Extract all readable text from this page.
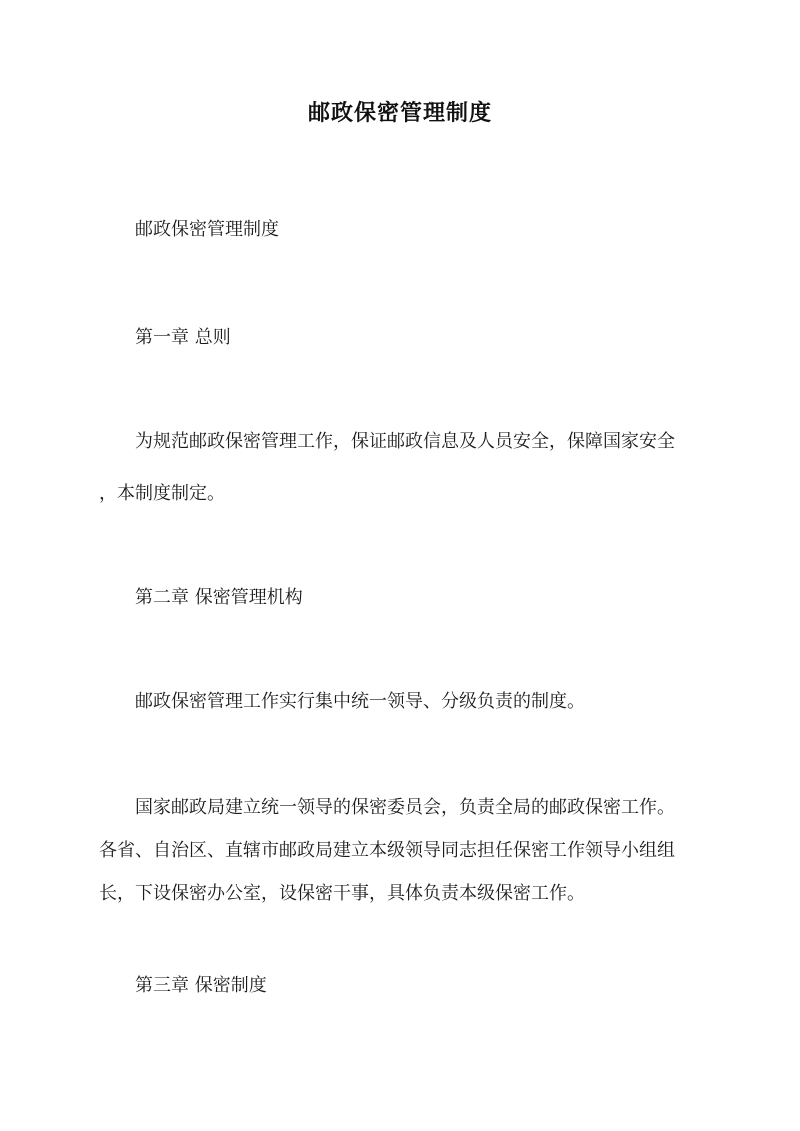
邮政保密管理制度
邮政保密管理制度
第一章 总则
为规范邮政保密管理工作，保证邮政信息及人员安全，保障国家安全
，本制度制定。
第二章 保密管理机构
邮政保密管理工作实行集中统一领导、分级负责的制度。
国家邮政局建立统一领导的保密委员会，负责全局的邮政保密工作。
各省、自治区、直辖市邮政局建立本级领导同志担任保密工作领导小组组
长，下设保密办公室，设保密干事，具体负责本级保密工作。
第三章 保密制度
